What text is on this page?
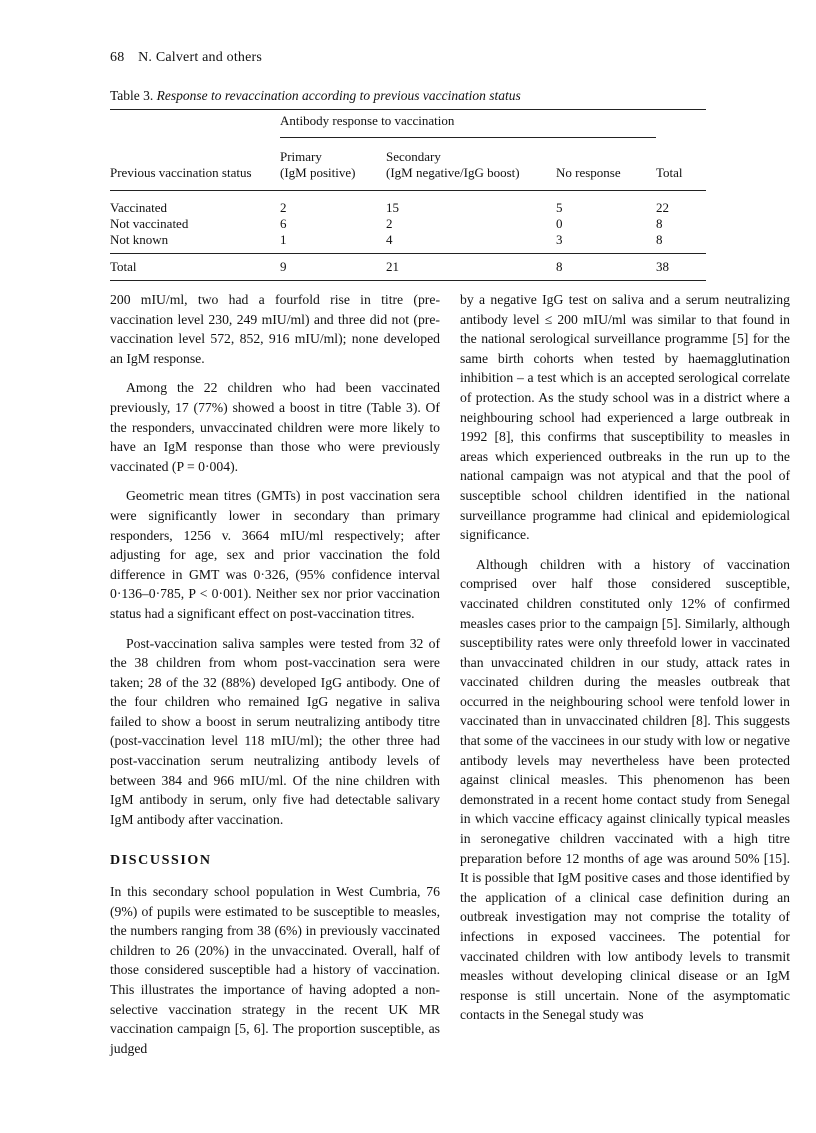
68 N. Calvert and others
Table 3. Response to revaccination according to previous vaccination status

	Antibody response to vaccination			
	Primary	Secondary		
Previous vaccination status	(IgM positive)	(IgM negative/IgG boost)	No response	Total
Vaccinated	2	15	5	22
Not vaccinated	6	2	0	8
Not known	1	4	3	8
Total	9	21	8	38

200 mIU/ml, two had a fourfold rise in titre (pre-vaccination level 230, 249 mIU/ml) and three did not (pre-vaccination level 572, 852, 916 mIU/ml); none developed an IgM response.

Among the 22 children who had been vaccinated previously, 17 (77%) showed a boost in titre (Table 3). Of the responders, unvaccinated children were more likely to have an IgM response than those who were previously vaccinated (P = 0·004).

Geometric mean titres (GMTs) in post vaccination sera were significantly lower in secondary than primary responders, 1256 v. 3664 mIU/ml respectively; after adjusting for age, sex and prior vaccination the fold difference in GMT was 0·326, (95% confidence interval 0·136–0·785, P < 0·001). Neither sex nor prior vaccination status had a significant effect on post-vaccination titres.

Post-vaccination saliva samples were tested from 32 of the 38 children from whom post-vaccination sera were taken; 28 of the 32 (88%) developed IgG antibody. One of the four children who remained IgG negative in saliva failed to show a boost in serum neutralizing antibody titre (post-vaccination level 118 mIU/ml); the other three had post-vaccination serum neutralizing antibody levels of between 384 and 966 mIU/ml. Of the nine children with IgM antibody in serum, only five had detectable salivary IgM antibody after vaccination.

DISCUSSION

In this secondary school population in West Cumbria, 76 (9%) of pupils were estimated to be susceptible to measles, the numbers ranging from 38 (6%) in previously vaccinated children to 26 (20%) in the unvaccinated. Overall, half of those considered susceptible had a history of vaccination. This illustrates the importance of having adopted a non-selective vaccination strategy in the recent UK MR vaccination campaign [5, 6]. The proportion susceptible, as judged

by a negative IgG test on saliva and a serum neutralizing antibody level ≤ 200 mIU/ml was similar to that found in the national serological surveillance programme [5] for the same birth cohorts when tested by haemagglutination inhibition – a test which is an accepted serological correlate of protection. As the study school was in a district where a neighbouring school had experienced a large outbreak in 1992 [8], this confirms that susceptibility to measles in areas which experienced outbreaks in the run up to the national campaign was not atypical and that the pool of susceptible school children identified in the national surveillance programme had clinical and epidemiological significance.

Although children with a history of vaccination comprised over half those considered susceptible, vaccinated children constituted only 12% of confirmed measles cases prior to the campaign [5]. Similarly, although susceptibility rates were only threefold lower in vaccinated than unvaccinated children in our study, attack rates in vaccinated children during the measles outbreak that occurred in the neighbouring school were tenfold lower in vaccinated than in unvaccinated children [8]. This suggests that some of the vaccinees in our study with low or negative antibody levels may nevertheless have been protected against clinical measles. This phenomenon has been demonstrated in a recent home contact study from Senegal in which vaccine efficacy against clinically typical measles in seronegative children vaccinated with a high titre preparation before 12 months of age was around 50% [15]. It is possible that IgM positive cases and those identified by the application of a clinical case definition during an outbreak investigation may not comprise the totality of infections in exposed vaccinees. The potential for vaccinated children with low antibody levels to transmit measles without developing clinical disease or an IgM response is still uncertain. None of the asymptomatic contacts in the Senegal study was
